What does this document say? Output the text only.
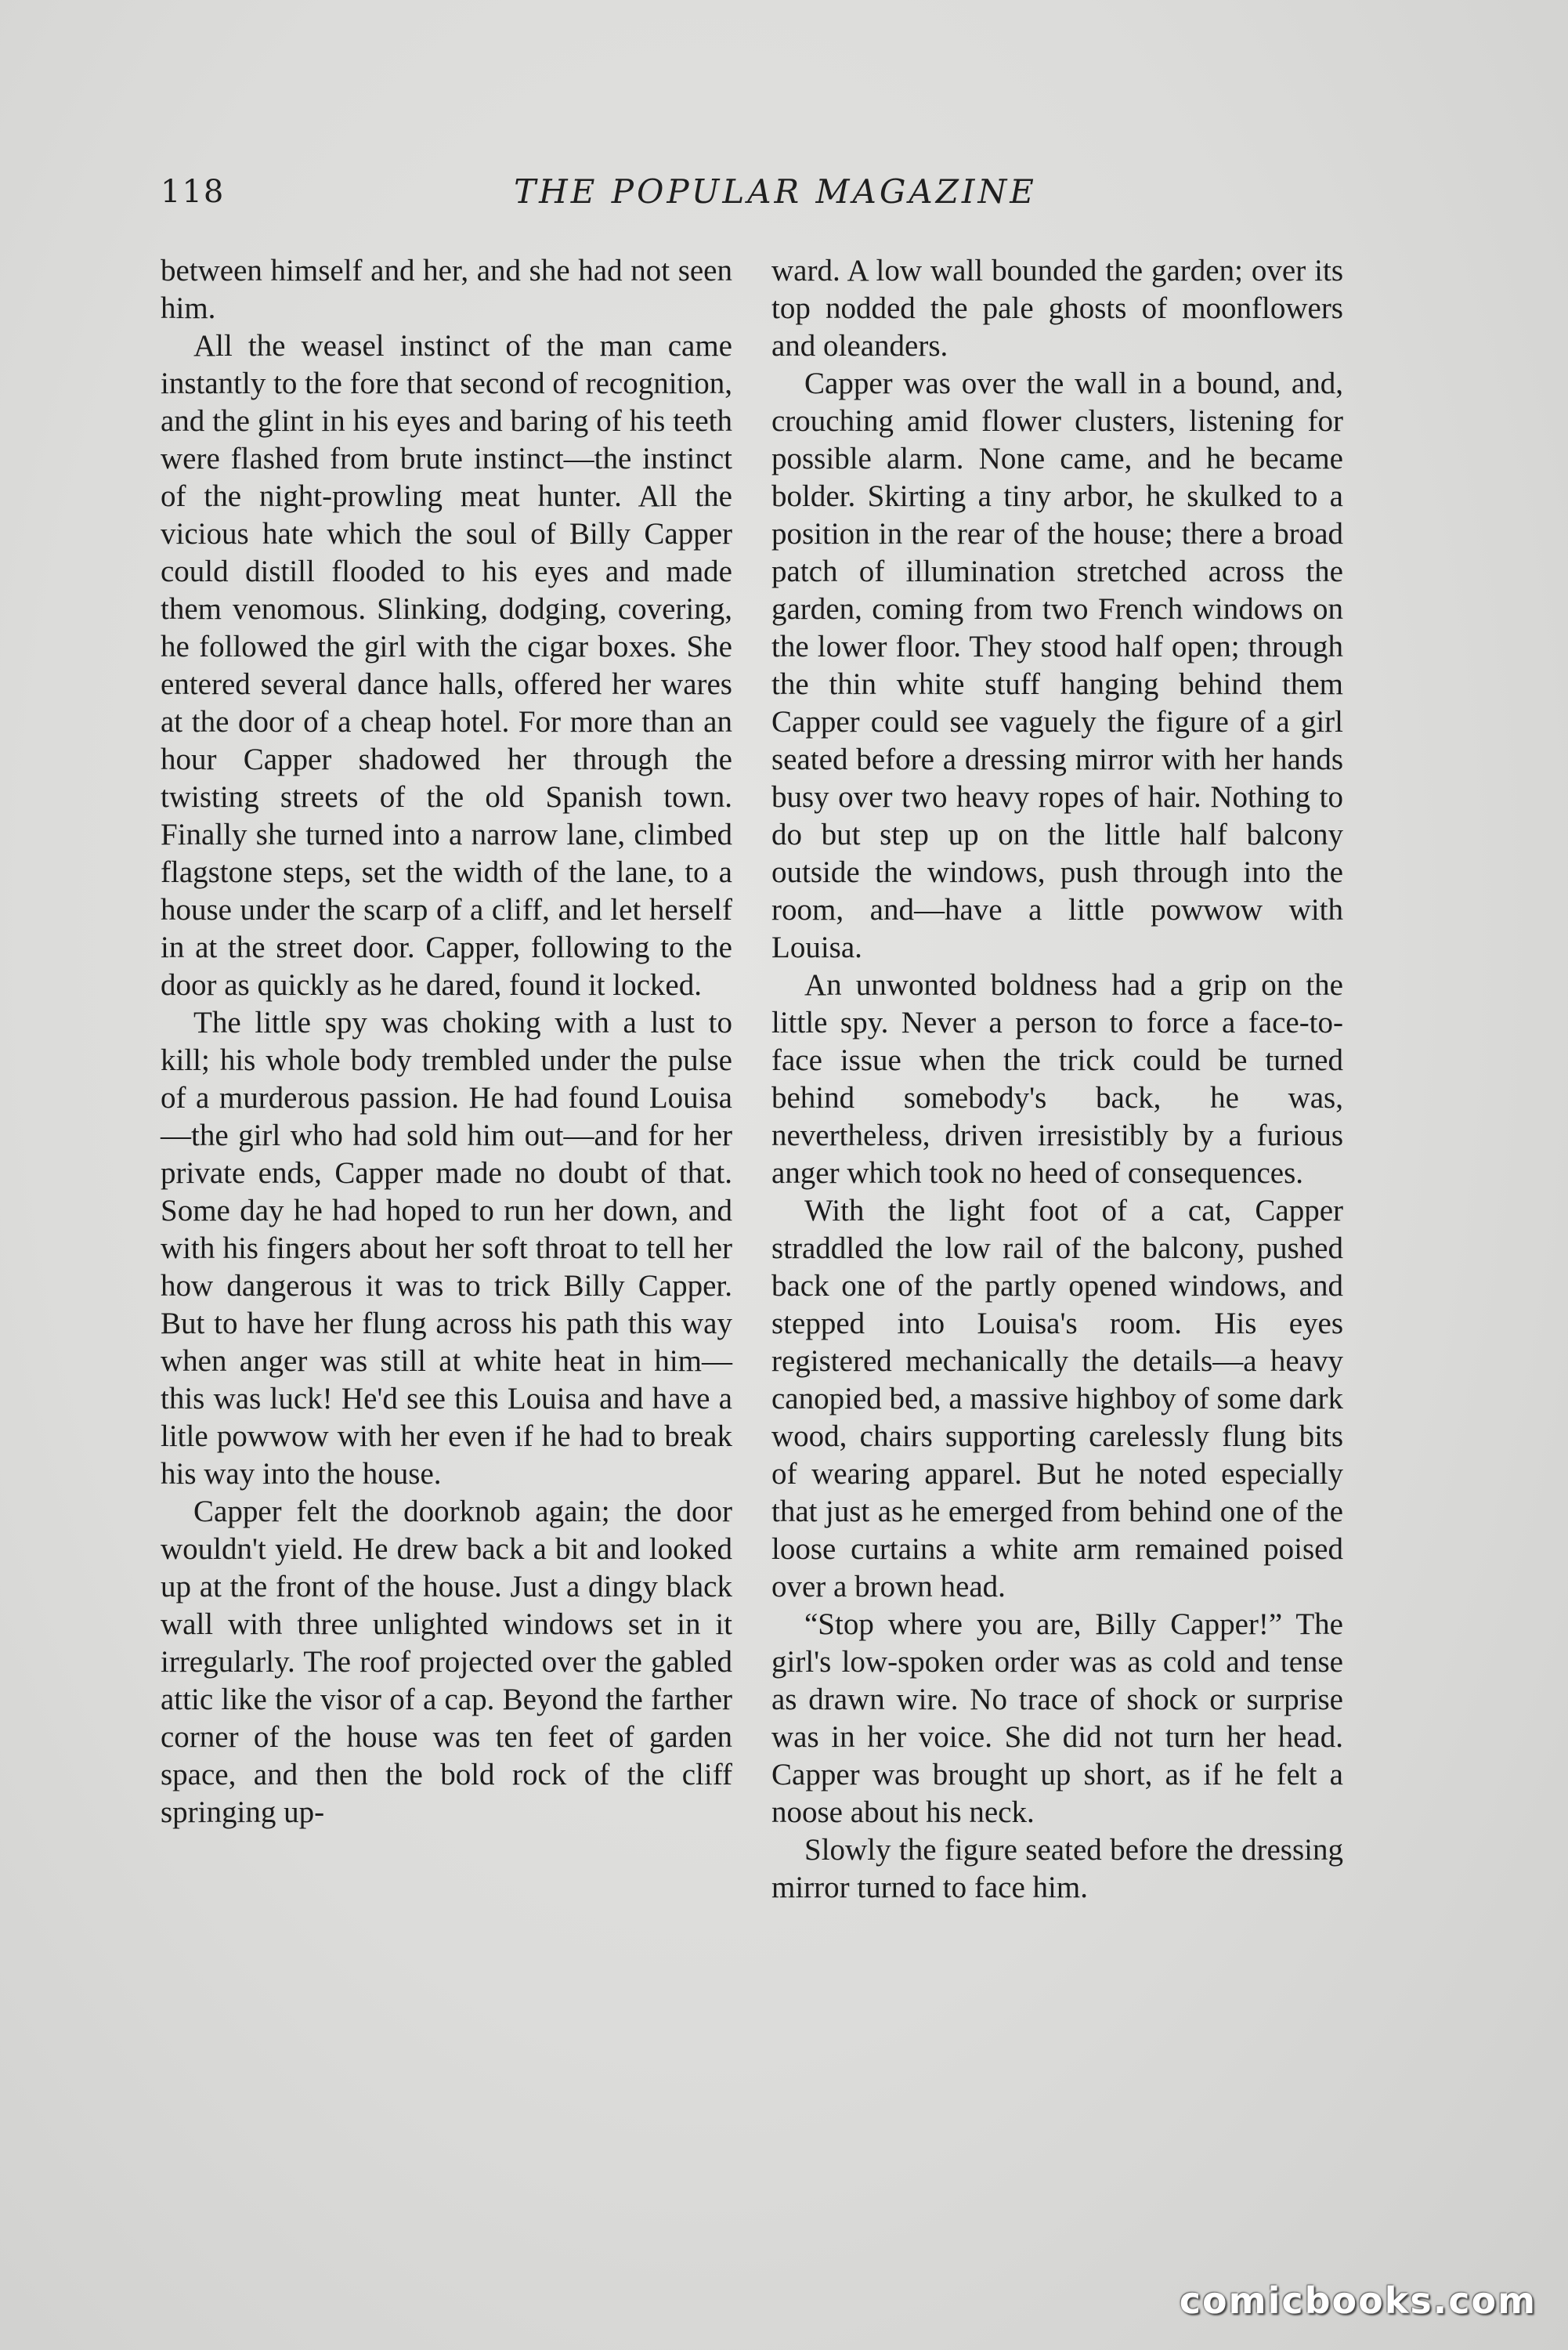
118	THE POPULAR MAGAZINE

between himself and her, and she had not seen him.

All the weasel instinct of the man came instantly to the fore that second of recognition, and the glint in his eyes and baring of his teeth were flashed from brute instinct—the instinct of the night-prowling meat hunter. All the vicious hate which the soul of Billy Capper could distill flooded to his eyes and made them venomous. Slinking, dodging, covering, he followed the girl with the cigar boxes. She entered several dance halls, offered her wares at the door of a cheap hotel. For more than an hour Capper shadowed her through the twisting streets of the old Spanish town. Finally she turned into a narrow lane, climbed flagstone steps, set the width of the lane, to a house under the scarp of a cliff, and let herself in at the street door. Capper, following to the door as quickly as he dared, found it locked.

The little spy was choking with a lust to kill; his whole body trembled under the pulse of a murderous passion. He had found Louisa—the girl who had sold him out—and for her private ends, Capper made no doubt of that. Some day he had hoped to run her down, and with his fingers about her soft throat to tell her how dangerous it was to trick Billy Capper. But to have her flung across his path this way when anger was still at white heat in him—this was luck! He'd see this Louisa and have a litle powwow with her even if he had to break his way into the house.

Capper felt the doorknob again; the door wouldn't yield. He drew back a bit and looked up at the front of the house. Just a dingy black wall with three unlighted windows set in it irregularly. The roof projected over the gabled attic like the visor of a cap. Beyond the farther corner of the house was ten feet of garden space, and then the bold rock of the cliff springing up-

ward. A low wall bounded the garden; over its top nodded the pale ghosts of moonflowers and oleanders.

Capper was over the wall in a bound, and, crouching amid flower clusters, listening for possible alarm. None came, and he became bolder. Skirting a tiny arbor, he skulked to a position in the rear of the house; there a broad patch of illumination stretched across the garden, coming from two French windows on the lower floor. They stood half open; through the thin white stuff hanging behind them Capper could see vaguely the figure of a girl seated before a dressing mirror with her hands busy over two heavy ropes of hair. Nothing to do but step up on the little half balcony outside the windows, push through into the room, and—have a little powwow with Louisa.

An unwonted boldness had a grip on the little spy. Never a person to force a face-to-face issue when the trick could be turned behind somebody's back, he was, nevertheless, driven irresistibly by a furious anger which took no heed of consequences.

With the light foot of a cat, Capper straddled the low rail of the balcony, pushed back one of the partly opened windows, and stepped into Louisa's room. His eyes registered mechanically the details—a heavy canopied bed, a massive highboy of some dark wood, chairs supporting carelessly flung bits of wearing apparel. But he noted especially that just as he emerged from behind one of the loose curtains a white arm remained poised over a brown head.

“Stop where you are, Billy Capper!” The girl's low-spoken order was as cold and tense as drawn wire. No trace of shock or surprise was in her voice. She did not turn her head. Capper was brought up short, as if he felt a noose about his neck.

Slowly the figure seated before the dressing mirror turned to face him.

comicbooks.com
